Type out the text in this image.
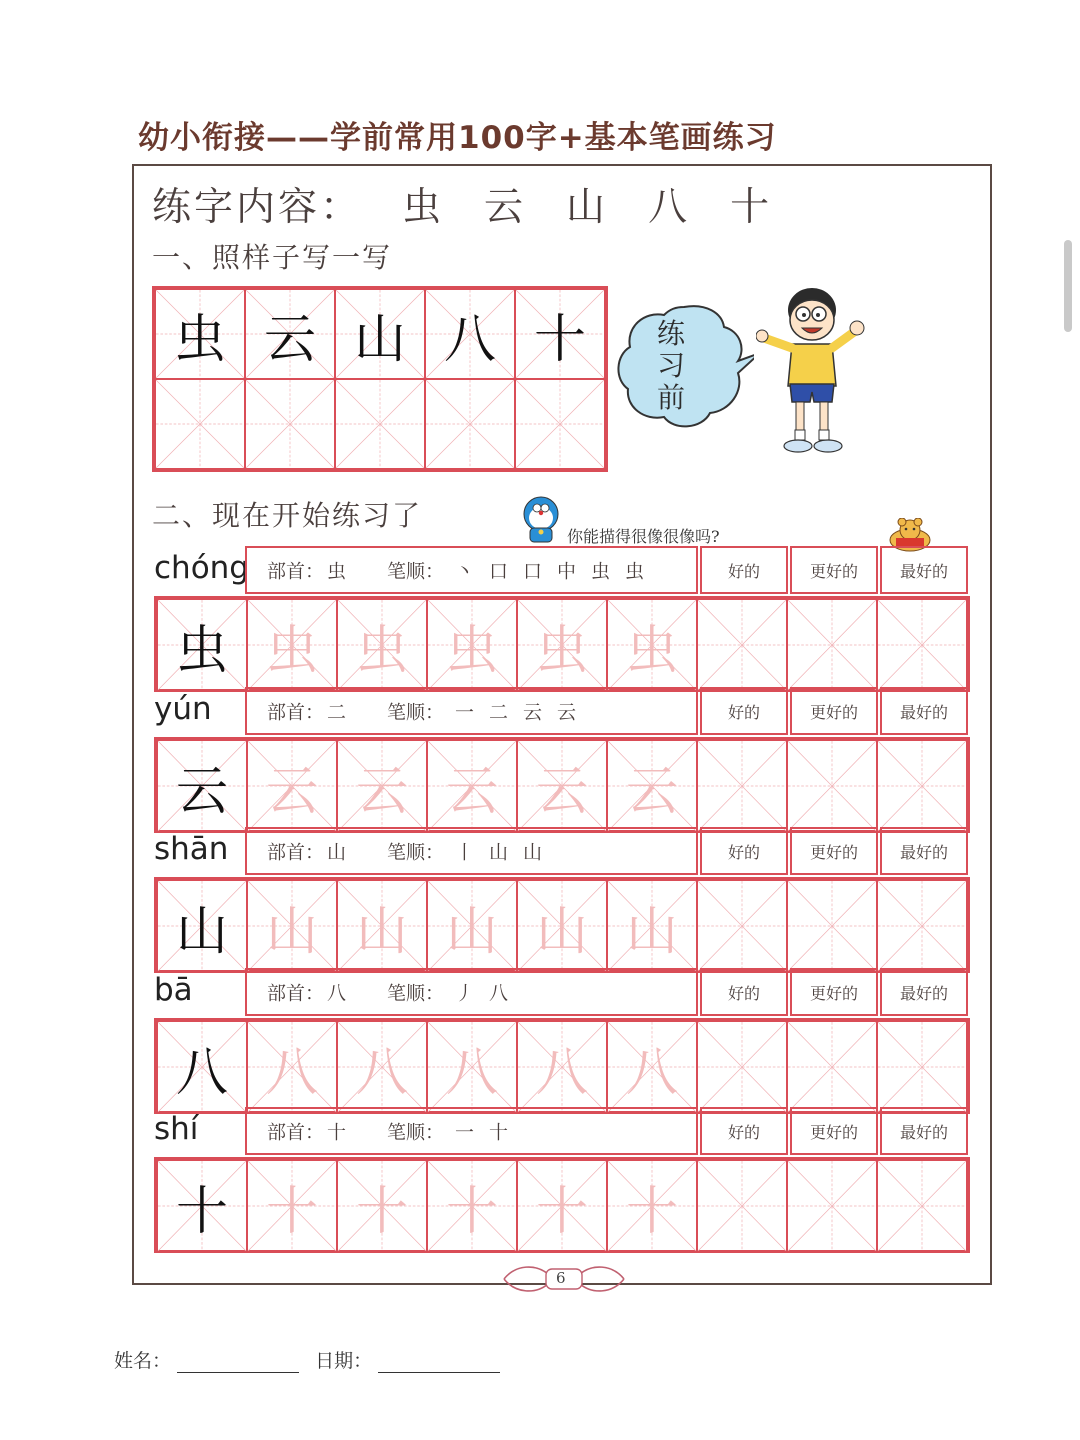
幼小衔接——学前常用100字+基本笔画练习
练字内容： 虫 云 山 八 十
一、照样子写一写
虫 云 山 八 十	练
习
前
二、现在开始练习了
你能描得很像很像吗?
chóng 部首： 虫 笔顺： 丶 口 口 中 虫 虫	好的	更好的	最好的
虫 虫 虫 虫 虫 虫
yún	部首： 二 笔顺： 一 二 云 云	好的	更好的	最好的
云 云 云 云 云 云
shān 部首： 山 笔顺： 丨 山 山	好的	更好的	最好的
山 山 山 山 山 山
bā	部首： 八 笔顺： 丿 八	好的	更好的	最好的
八 八 八 八 八 八
shí	部首： 十 笔顺： 一 十	好的	更好的	最好的
十 十 十 十 十 十
6
姓名：	日期：
